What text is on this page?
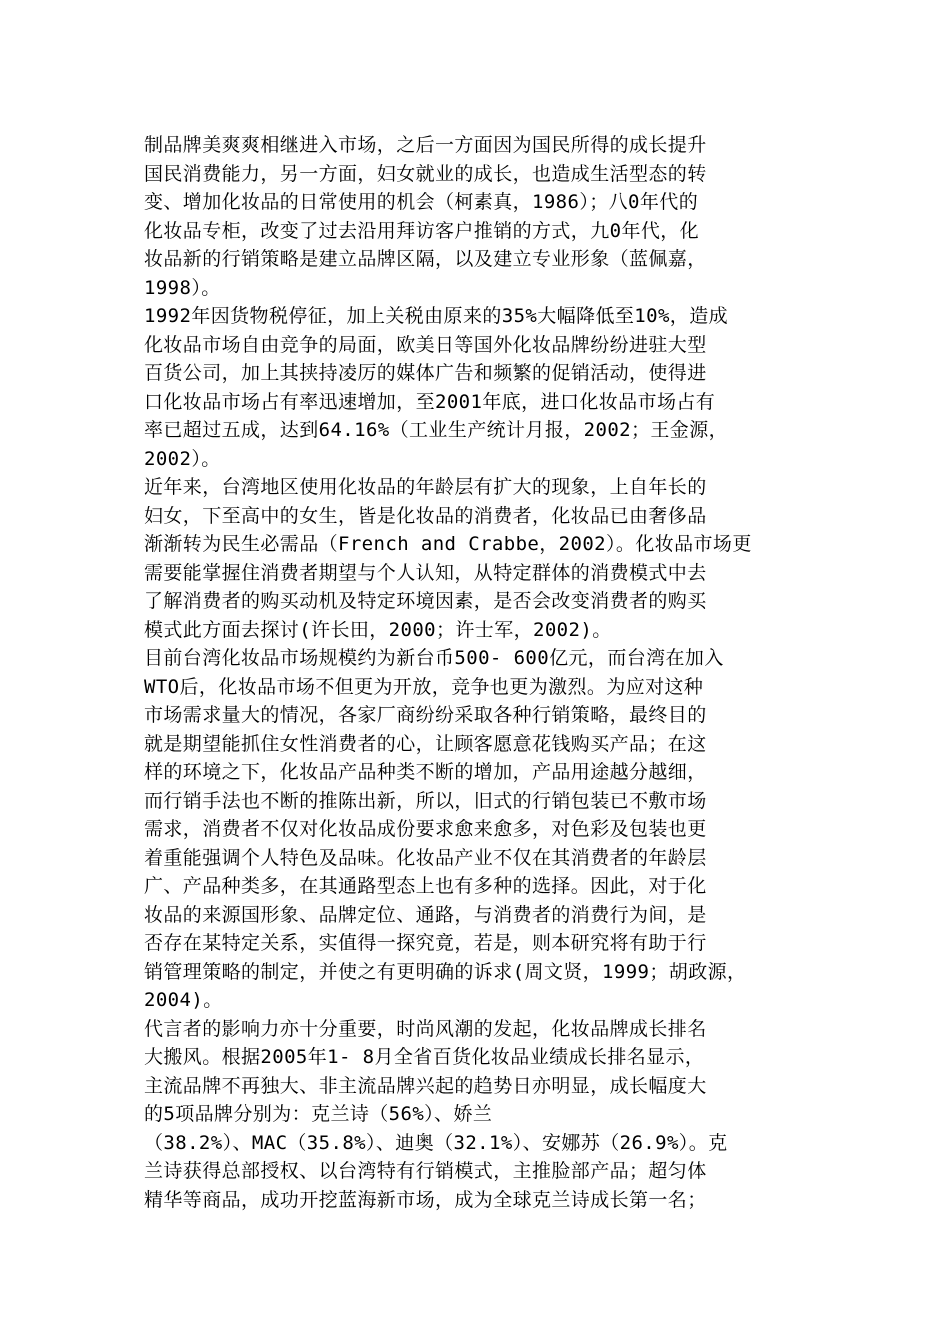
制品牌美爽爽相继进入市场，之后一方面因为国民所得的成长提升
国民消费能力，另一方面，妇女就业的成长，也造成生活型态的转
变、增加化妆品的日常使用的机会（柯素真，1986）；八0年代的
化妆品专柜，改变了过去沿用拜访客户推销的方式，九0年代，化
妆品新的行销策略是建立品牌区隔，以及建立专业形象（蓝佩嘉，
1998）。
1992年因货物税停征，加上关税由原来的35%大幅降低至10%，造成
化妆品市场自由竞争的局面，欧美日等国外化妆品牌纷纷进驻大型
百货公司，加上其挟持凌厉的媒体广告和频繁的促销活动，使得进
口化妆品市场占有率迅速增加，至2001年底，进口化妆品市场占有
率已超过五成，达到64.16%（工业生产统计月报，2002；王金源，
2002）。
近年来，台湾地区使用化妆品的年龄层有扩大的现象，上自年长的
妇女，下至高中的女生，皆是化妆品的消费者，化妆品已由奢侈品
渐渐转为民生必需品（French and Crabbe，2002）。化妆品市场更
需要能掌握住消费者期望与个人认知，从特定群体的消费模式中去
了解消费者的购买动机及特定环境因素，是否会改变消费者的购买
模式此方面去探讨(许长田，2000；许士军，2002)。
目前台湾化妆品市场规模约为新台币500- 600亿元，而台湾在加入
WTO后，化妆品市场不但更为开放，竞争也更为激烈。为应对这种
市场需求量大的情况，各家厂商纷纷采取各种行销策略，最终目的
就是期望能抓住女性消费者的心，让顾客愿意花钱购买产品；在这
样的环境之下，化妆品产品种类不断的增加，产品用途越分越细，
而行销手法也不断的推陈出新，所以，旧式的行销包装已不敷市场
需求，消费者不仅对化妆品成份要求愈来愈多，对色彩及包装也更
着重能强调个人特色及品味。化妆品产业不仅在其消费者的年龄层
广、产品种类多，在其通路型态上也有多种的选择。因此，对于化
妆品的来源国形象、品牌定位、通路，与消费者的消费行为间，是
否存在某特定关系，实值得一探究竟，若是，则本研究将有助于行
销管理策略的制定，并使之有更明确的诉求(周文贤，1999；胡政源，
2004)。
代言者的影响力亦十分重要，时尚风潮的发起，化妆品牌成长排名
大搬风。根据2005年1- 8月全省百货化妆品业绩成长排名显示，
主流品牌不再独大、非主流品牌兴起的趋势日亦明显，成长幅度大
的5项品牌分别为：克兰诗（56%）、娇兰
（38.2%）、MAC（35.8%）、迪奥（32.1%）、安娜苏（26.9%）。克
兰诗获得总部授权、以台湾特有行销模式，主推脸部产品；超匀体
精华等商品，成功开挖蓝海新市场，成为全球克兰诗成长第一名；
